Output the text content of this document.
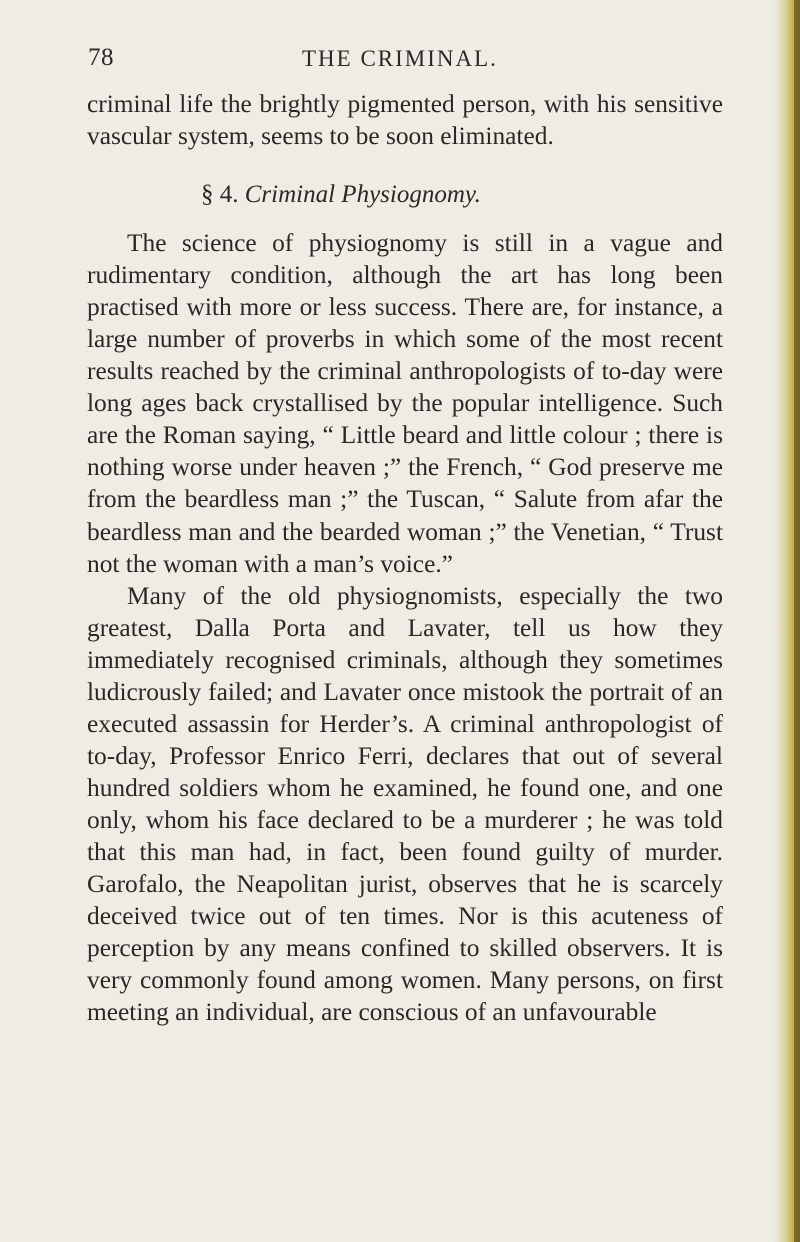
78	THE CRIMINAL.

criminal life the brightly pigmented person, with his sensitive vascular system, seems to be soon eliminated.

§ 4. Criminal Physiognomy.

The science of physiognomy is still in a vague and rudimentary condition, although the art has long been practised with more or less success. There are, for instance, a large number of proverbs in which some of the most recent results reached by the criminal anthropologists of to-day were long ages back crystallised by the popular intelligence. Such are the Roman saying, “ Little beard and little colour ; there is nothing worse under heaven ;” the French, “ God preserve me from the beardless man ;” the Tuscan, “ Salute from afar the beardless man and the bearded woman ;” the Venetian, “ Trust not the woman with a man’s voice.”

Many of the old physiognomists, especially the two greatest, Dalla Porta and Lavater, tell us how they immediately recognised criminals, although they sometimes ludicrously failed; and Lavater once mistook the portrait of an executed assassin for Herder’s. A criminal anthropologist of to-day, Professor Enrico Ferri, declares that out of several hundred soldiers whom he examined, he found one, and one only, whom his face declared to be a murderer ; he was told that this man had, in fact, been found guilty of murder. Garofalo, the Neapolitan jurist, observes that he is scarcely deceived twice out of ten times. Nor is this acuteness of perception by any means confined to skilled observers. It is very commonly found among women. Many persons, on first meeting an individual, are conscious of an unfavourable
